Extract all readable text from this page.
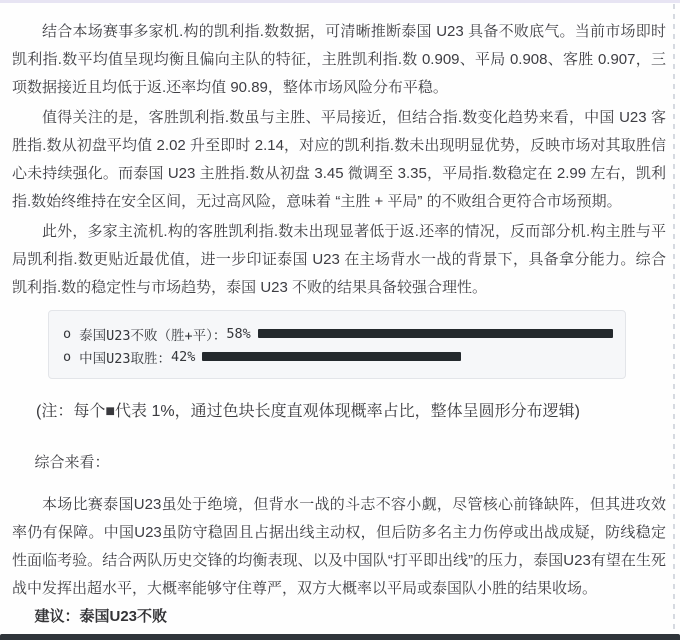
结合本场赛事多家机.构的凯利指.数数据，可清晰推断泰国 U23 具备不败底气。当前市场即时凯利指.数平均值呈现均衡且偏向主队的特征，主胜凯利指.数 0.909、平局 0.908、客胜 0.907，三项数据接近且均低于返.还率均值 90.89，整体市场风险分布平稳。

值得关注的是，客胜凯利指.数虽与主胜、平局接近，但结合指.数变化趋势来看，中国 U23 客胜指.数从初盘平均值 2.02 升至即时 2.14，对应的凯利指.数未出现明显优势，反映市场对其取胜信心未持续强化。而泰国 U23 主胜指.数从初盘 3.45 微调至 3.35，平局指.数稳定在 2.99 左右，凯利指.数始终维持在安全区间，无过高风险，意味着 “主胜 + 平局” 的不败组合更符合市场预期。

此外，多家主流机.构的客胜凯利指.数未出现显著低于返.还率的情况，反而部分机.构主胜与平局凯利指.数更贴近最优值，进一步印证泰国 U23 在主场背水一战的背景下，具备拿分能力。综合凯利指.数的稳定性与市场趋势，泰国 U23 不败的结果具备较强合理性。

o 泰国U23不败（胜+平）： 58%
o 中国U23取胜： 42%

(注：每个■代表 1%，通过色块长度直观体现概率占比，整体呈圆形分布逻辑)

综合来看：

本场比赛泰国U23虽处于绝境，但背水一战的斗志不容小觑，尽管核心前锋缺阵，但其进攻效率仍有保障。中国U23虽防守稳固且占据出线主动权，但后防多名主力伤停或出战成疑，防线稳定性面临考验。结合两队历史交锋的均衡表现、以及中国队“打平即出线”的压力，泰国U23有望在生死战中发挥出超水平，大概率能够守住尊严，双方大概率以平局或泰国队小胜的结果收场。

建议：泰国U23不败
